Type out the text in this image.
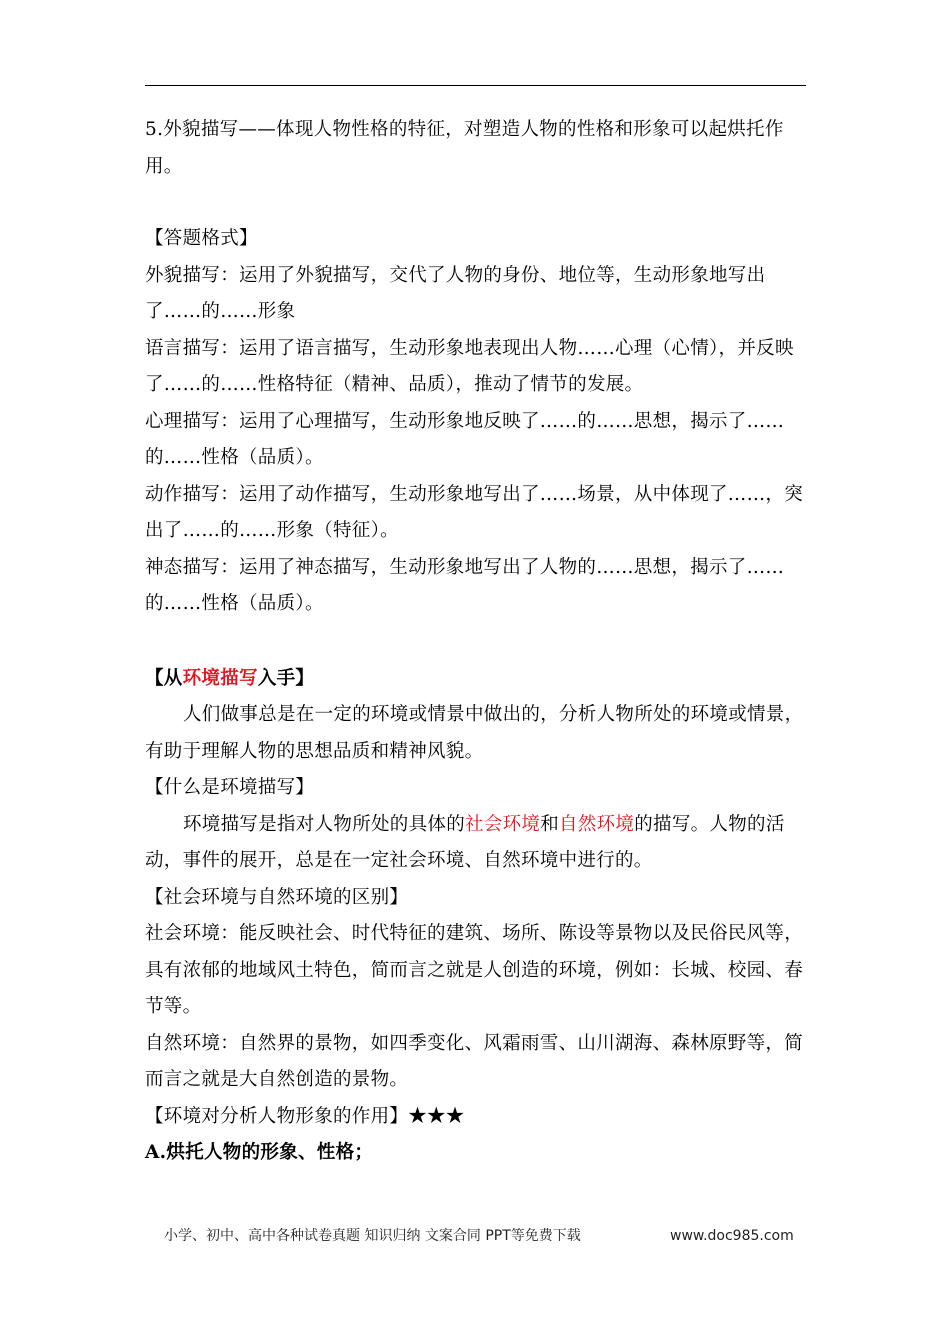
5.外貌描写——体现人物性格的特征，对塑造人物的性格和形象可以起烘托作用。

【答题格式】

外貌描写：运用了外貌描写，交代了人物的身份、地位等，生动形象地写出了……的……形象

语言描写：运用了语言描写，生动形象地表现出人物……心理（心情），并反映了……的……性格特征（精神、品质），推动了情节的发展。

心理描写：运用了心理描写，生动形象地反映了……的……思想，揭示了……的……性格（品质）。

动作描写：运用了动作描写，生动形象地写出了……场景，从中体现了……，突出了……的……形象（特征）。

神态描写：运用了神态描写，生动形象地写出了人物的……思想，揭示了……的……性格（品质）。

【从环境描写入手】

人们做事总是在一定的环境或情景中做出的，分析人物所处的环境或情景，有助于理解人物的思想品质和精神风貌。

【什么是环境描写】

环境描写是指对人物所处的具体的社会环境和自然环境的描写。人物的活动，事件的展开，总是在一定社会环境、自然环境中进行的。

【社会环境与自然环境的区别】

社会环境：能反映社会、时代特征的建筑、场所、陈设等景物以及民俗民风等，具有浓郁的地域风土特色，简而言之就是人创造的环境，例如：长城、校园、春节等。

自然环境：自然界的景物，如四季变化、风霜雨雪、山川湖海、森林原野等，简而言之就是大自然创造的景物。

【环境对分析人物形象的作用】★★★

A.烘托人物的形象、性格；

小学、初中、高中各种试卷真题 知识归纳 文案合同 PPT等免费下载	www.doc985.com
